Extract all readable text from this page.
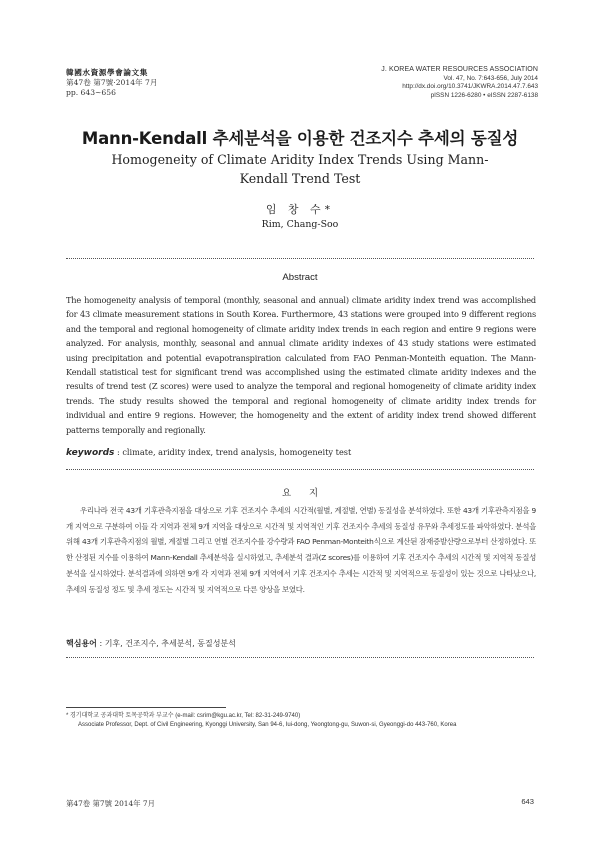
韓國水資源學會論文集
第47卷 第7號·2014年 7月
pp. 643~656
J. KOREA WATER RESOURCES ASSOCIATION
Vol. 47, No. 7:643-656, July 2014
http://dx.doi.org/10.3741/JKWRA.2014.47.7.643
pISSN 1226-6280 • eISSN 2287-6138
Mann-Kendall 추세분석을 이용한 건조지수 추세의 동질성
Homogeneity of Climate Aridity Index Trends Using Mann-Kendall Trend Test
임 창 수*
Rim, Chang-Soo
Abstract
The homogeneity analysis of temporal (monthly, seasonal and annual) climate aridity index trend was accomplished for 43 climate measurement stations in South Korea. Furthermore, 43 stations were grouped into 9 different regions and the temporal and regional homogeneity of climate aridity index trends in each region and entire 9 regions were analyzed. For analysis, monthly, seasonal and annual climate aridity indexes of 43 study stations were estimated using precipitation and potential evapotranspiration calculated from FAO Penman-Monteith equation. The Mann-Kendall statistical test for significant trend was accomplished using the estimated climate aridity indexes and the results of trend test (Z scores) were used to analyze the temporal and regional homogeneity of climate aridity index trends. The study results showed the temporal and regional homogeneity of climate aridity index trends for individual and entire 9 regions. However, the homogeneity and the extent of aridity index trend showed different patterns temporally and regionally.
keywords : climate, aridity index, trend analysis, homogeneity test
요지
우리나라 전국 43개 기후관측지점을 대상으로 기후 건조지수 추세의 시간적(월별, 계절별, 연별) 동질성을 분석하였다. 또한 43개 기후관측지점을 9개 지역으로 구분하여 이들 각 지역과 전체 9개 지역을 대상으로 시간적 및 지역적인 기후 건조지수 추세의 동질성 유무와 추세정도를 파악하였다. 분석을 위해 43개 기후관측지점의 월별, 계절별 그리고 연별 건조지수를 강수량과 FAO Penman-Monteith식으로 계산된 잠재증발산량으로부터 산정하였다. 또한 산정된 지수를 이용하여 Mann-Kendall 추세분석을 실시하였고, 추세분석 결과(Z scores)를 이용하여 기후 건조지수 추세의 시간적 및 지역적 동질성 분석을 실시하였다. 분석결과에 의하면 9개 각 지역과 전체 9개 지역에서 기후 건조지수 추세는 시간적 및 지역적으로 동질성이 있는 것으로 나타났으나, 추세의 동질성 정도 및 추세 정도는 시간적 및 지역적으로 다른 양상을 보였다.
핵심용어 : 기후, 건조지수, 추세분석, 동질성분석
* 경기대학교 공과대학 토목공학과 부교수 (e-mail: csrim@kgu.ac.kr, Tel: 82-31-249-9740)
Associate Professor, Dept. of Civil Engineering, Kyonggi University, San 94-6, Iui-dong, Yeongtong-gu, Suwon-si, Gyeonggi-do 443-760, Korea
第47卷 第7號 2014年 7月	643
